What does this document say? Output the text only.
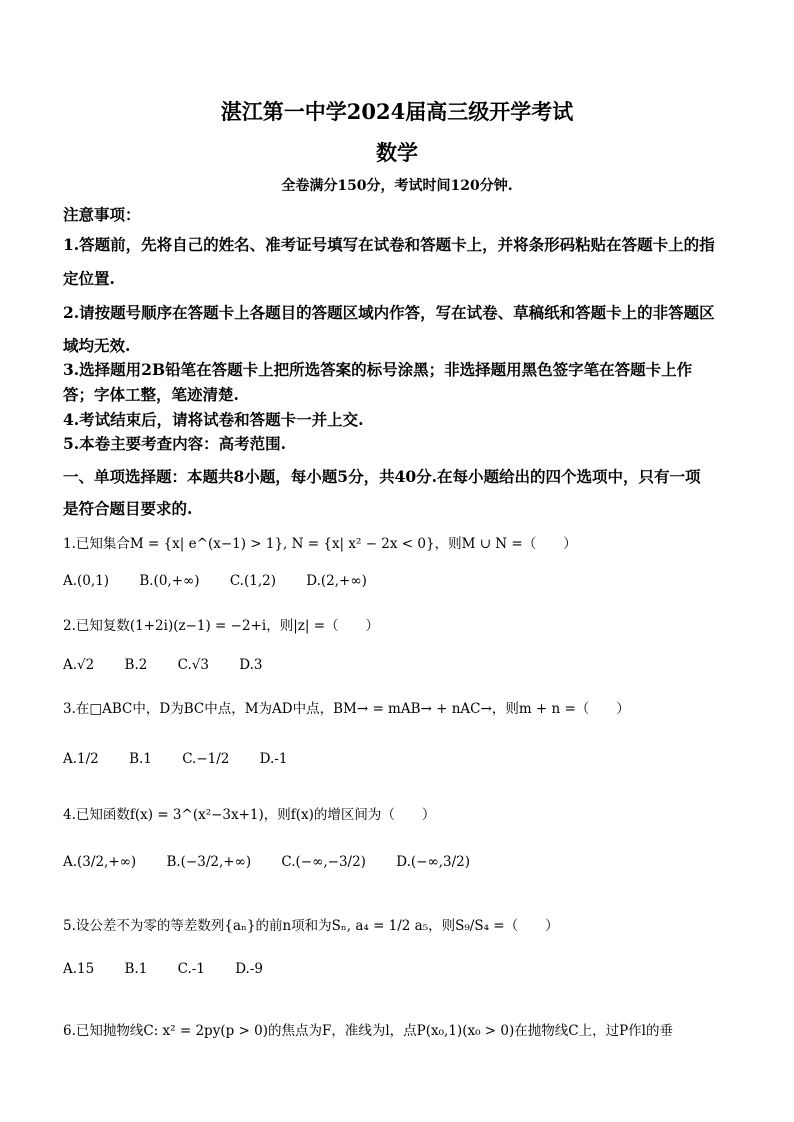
湛江第一中学2024届高三级开学考试
数学
全卷满分150分，考试时间120分钟.
注意事项：
1.答题前，先将自己的姓名、准考证号填写在试卷和答题卡上，并将条形码粘贴在答题卡上的指
定位置.
2.请按题号顺序在答题卡上各题目的答题区域内作答，写在试卷、草稿纸和答题卡上的非答题区
域均无效.
3.选择题用2B铅笔在答题卡上把所选答案的标号涂黑；非选择题用黑色签字笔在答题卡上作
答；字体工整，笔迹清楚.
4.考试结束后，请将试卷和答题卡一并上交.
5.本卷主要考查内容：高考范围.
一、单项选择题：本题共8小题，每小题5分，共40分.在每小题给出的四个选项中，只有一项
是符合题目要求的.
1.已知集合M = {x| e^(x−1) > 1}, N = {x| x² − 2x < 0}，则M ∪ N =（　　）
A.(0,1) B.(0,+∞) C.(1,2) D.(2,+∞)
2.已知复数(1+2i)(z−1) = −2+i，则|z| =（　　）
A.√2 B.2 C.√3 D.3
3.在□ABC中，D为BC中点，M为AD中点，BM→ = mAB→ + nAC→，则m + n =（　　）
A.1/2 B.1 C.−1/2 D.-1
4.已知函数f(x) = 3^(x²−3x+1)，则f(x)的增区间为（　　）
A.(3/2,+∞) B.(−3/2,+∞) C.(−∞,−3/2) D.(−∞,3/2)
5.设公差不为零的等差数列{aₙ}的前n项和为Sₙ, a₄ = 1/2 a₅，则S₉/S₄ =（　　）
A.15 B.1 C.-1 D.-9
6.已知抛物线C: x² = 2py(p > 0)的焦点为F，准线为l，点P(x₀,1)(x₀ > 0)在抛物线C上，过P作l的垂
